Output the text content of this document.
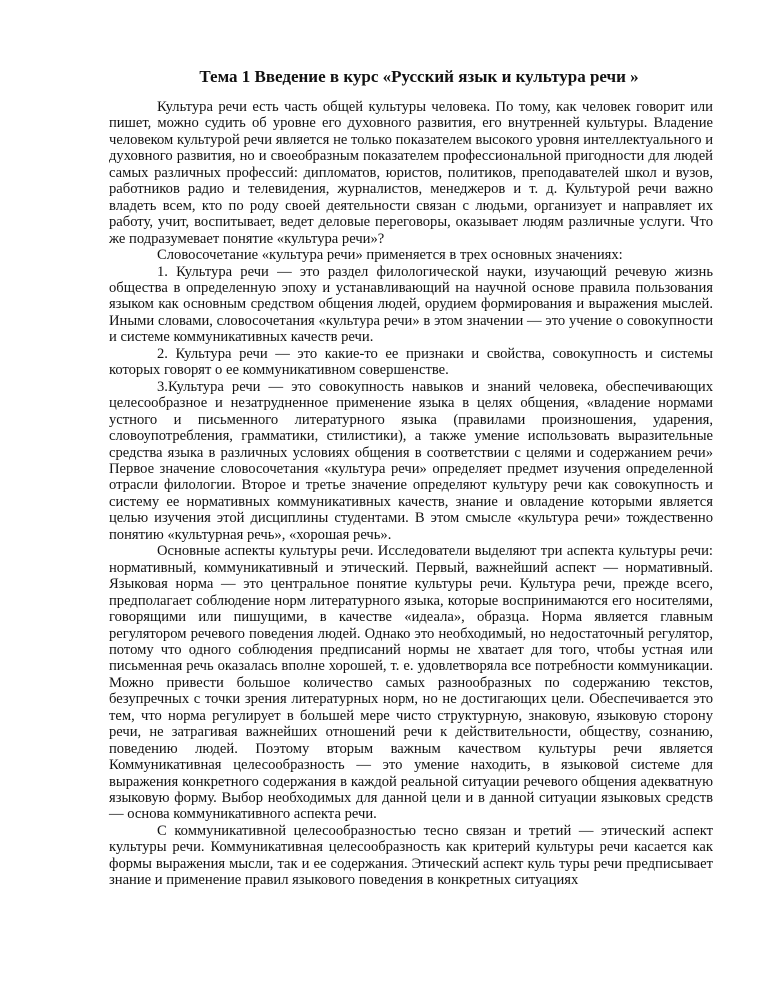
Тема 1 Введение в курс «Русский язык и культура речи »

Культура речи есть часть общей культуры человека. По тому, как человек говорит или пишет, можно судить об уровне его духовного развития, его внутренней культуры. Владение человеком культурой речи является не только показателем высокого уровня интеллектуального и духовного развития, но и своеобразным показателем профессиональной пригодности для людей самых различных профессий: дипломатов, юристов, политиков, преподавателей школ и вузов, работников радио и телевидения, журналистов, менеджеров и т. д. Культурой речи важно владеть всем, кто по роду своей деятельности связан с людьми, организует и направляет их работу, учит, воспитывает, ведет деловые переговоры, оказывает людям различные услуги. Что же подразумевает понятие «культура речи»?

Словосочетание «культура речи» применяется в трех основных значениях:

1. Культура речи — это раздел филологической науки, изучающий речевую жизнь общества в определенную эпоху и устанавливающий на научной основе правила пользования языком как основным средством общения людей, орудием формирования и выражения мыслей. Иными словами, словосочетания «культура речи» в этом значении — это учение о совокупности и системе коммуникативных качеств речи.

2. Культура речи — это какие-то ее признаки и свойства, совокупность и системы которых говорят о ее коммуникативном совершенстве.

3.Культура речи — это совокупность навыков и знаний человека, обеспечивающих целесообразное и незатрудненное применение языка в целях общения, «владение нормами устного и письменного литературного языка (правилами произношения, ударения, словоупотребления, грамматики, стилистики), а также умение использовать выразительные средства языка в различных условиях общения в соответствии с целями и содержанием речи» Первое значение словосочетания «культура речи» определяет предмет изучения определенной отрасли филологии. Второе и третье значение определяют культуру речи как совокупность и систему ее нормативных коммуникативных качеств, знание и овладение которыми является целью изучения этой дисциплины студентами. В этом смысле «культура речи» тождественно понятию «культурная речь», «хорошая речь».

Основные аспекты культуры речи. Исследователи выделяют три аспекта культуры речи: нормативный, коммуникативный и этический. Первый, важнейший аспект — нормативный. Языковая норма — это центральное понятие культуры речи. Культура речи, прежде всего, предполагает соблюдение норм литературного языка, которые воспринимаются его носителями, говорящими или пишущими, в качестве «идеала», образца. Норма является главным регулятором речевого поведения людей. Однако это необходимый, но недостаточный регулятор, потому что одного соблюдения предписаний нормы не хватает для того, чтобы устная или письменная речь оказалась вполне хорошей, т. е. удовлетворяла все потребности коммуникации. Можно привести большое количество самых разнообразных по содержанию текстов, безупречных с точки зрения литературных норм, но не достигающих цели. Обеспечивается это тем, что норма регулирует в большей мере чисто структурную, знаковую, языковую сторону речи, не затрагивая важнейших отношений речи к действительности, обществу, сознанию, поведению людей. Поэтому вторым важным качеством культуры речи является Коммуникативная целесообразность — это умение находить, в языковой системе для выражения конкретного содержания в каждой реальной ситуации речевого общения адекватную языковую форму. Выбор необходимых для данной цели и в данной ситуации языковых средств — основа коммуникативного аспекта речи.

С коммуникативной целесообразностью тесно связан и третий — этический аспект культуры речи. Коммуникативная целесообразность как критерий культуры речи касается как формы выражения мысли, так и ее содержания. Этический аспект куль туры речи предписывает знание и применение правил языкового поведения в конкретных ситуациях
